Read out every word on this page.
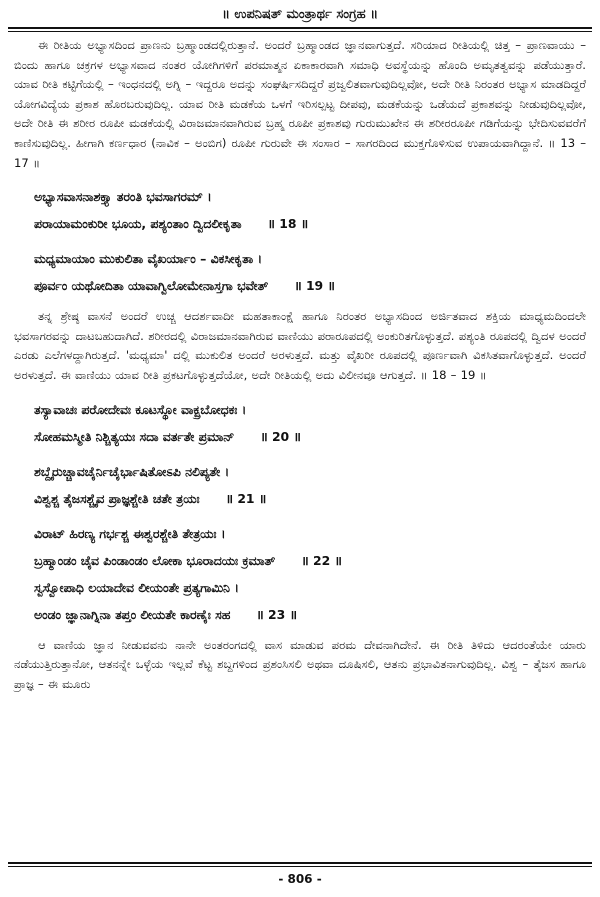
॥ ಉಪನಿಷತ್ ಮಂತ್ರಾರ್ಥ ಸಂಗ್ರಹ ॥

ಈ ರೀತಿಯ ಅಭ್ಯಾಸದಿಂದ ಪ್ರಾಣನು ಬ್ರಹ್ಮಾಂಡದಲ್ಲಿರುತ್ತಾನೆ. ಅಂದರೆ ಬ್ರಹ್ಮಾಂಡದ ಜ್ಞಾನವಾಗುತ್ತದೆ. ಸರಿಯಾದ ರೀತಿಯಲ್ಲಿ ಚಿತ್ತ – ಪ್ರಾಣವಾಯು – ಬಿಂದು ಹಾಗೂ ಚಕ್ರಗಳ ಅಭ್ಯಾಸವಾದ ನಂತರ ಯೋಗಿಗಳಿಗೆ ಪರಮಾತ್ಮನ ಏಕಾಕಾರವಾಗಿ ಸಮಾಧಿ ಅವಸ್ಥೆಯನ್ನು ಹೊಂದಿ ಅಮೃತತ್ವವನ್ನು ಪಡೆಯುತ್ತಾರೆ. ಯಾವ ರೀತಿ ಕಟ್ಟಿಗೆಯಲ್ಲಿ – ಇಂಧನದಲ್ಲಿ ಅಗ್ನಿ – ಇದ್ದರೂ ಅದನ್ನು ಸಂಘರ್ಷಿಸದಿದ್ದರೆ ಪ್ರಜ್ವಲಿತವಾಗುವುದಿಲ್ಲವೋ, ಅದೇ ರೀತಿ ನಿರಂತರ ಅಭ್ಯಾಸ ಮಾಡದಿದ್ದರೆ ಯೋಗವಿದ್ಯೆಯ ಪ್ರಕಾಶ ಹೊರಬರುವುದಿಲ್ಲ. ಯಾವ ರೀತಿ ಮಡಕೆಯ ಒಳಗೆ ಇರಿಸಲ್ಪಟ್ಟ ದೀಪವು, ಮಡಕೆಯನ್ನು ಒಡೆಯದೆ ಪ್ರಕಾಶವನ್ನು ನೀಡುವುದಿಲ್ಲವೋ, ಅದೇ ರೀತಿ ಈ ಶರೀರ ರೂಪೀ ಮಡಕೆಯಲ್ಲಿ ವಿರಾಜಮಾನವಾಗಿರುವ ಬ್ರಹ್ಮ ರೂಪೀ ಪ್ರಕಾಶವು ಗುರುಮುಖೇನ ಈ ಶರೀರರೂಪೀ ಗಡಿಗೆಯನ್ನು ಭೇದಿಸುವವರೆಗೆ ಕಾಣಿಸುವುದಿಲ್ಲ. ಹೀಗಾಗಿ ಕರ್ಣಧಾರ (ನಾವಿಕ – ಅಂಬಿಗ) ರೂಪೀ ಗುರುವೇ ಈ ಸಂಸಾರ – ಸಾಗರದಿಂದ ಮುಕ್ತಗೊಳಿಸುವ ಉಪಾಯವಾಗಿದ್ದಾನೆ. ॥ 13 – 17 ॥

ಅಭ್ಯಾಸವಾಸನಾಶಕ್ತ್ಯಾ ತರಂತಿ ಭವಸಾಗರಮ್ ।
ಪರಾಯಾಮಂಕುರೀ ಭೂಯ, ಪಶ್ಯಂತಾಂ ದ್ವಿದಲೀಕೃತಾ ॥ 18 ॥
ಮಧ್ಯಮಾಯಾಂ ಮುಕುಲಿತಾ ವೈಖರ್ಯಾಂ – ವಿಕಸೀಕೃತಾ ।
ಪೂರ್ವಂ ಯಥೋದಿತಾ ಯಾವಾಗ್ವಿಲೋಮೇನಾಸ್ತಗಾ ಭವೇತ್ ॥ 19 ॥

ತನ್ನ ಶ್ರೇಷ್ಠ ವಾಸನೆ ಅಂದರೆ ಉಚ್ಚ ಆದರ್ಶವಾದೀ ಮಹತಾಕಾಂಕ್ಷೆ ಹಾಗೂ ನಿರಂತರ ಅಭ್ಯಾಸದಿಂದ ಅರ್ಜಿತವಾದ ಶಕ್ತಿಯ ಮಾಧ್ಯಮದಿಂದಲೇ ಭವಸಾಗರವನ್ನು ದಾಟಬಹುದಾಗಿದೆ. ಶರೀರದಲ್ಲಿ ವಿರಾಜಮಾನವಾಗಿರುವ ವಾಣಿಯು ಪರಾರೂಪದಲ್ಲಿ ಅಂಕುರಿತಗೊಳ್ಳುತ್ತದೆ. ಪಶ್ಯಂತಿ ರೂಪದಲ್ಲಿ ದ್ವಿದಳ ಅಂದರೆ ಎರಡು ಎಲೆಗಳದ್ದಾಗಿರುತ್ತದೆ. 'ಮಧ್ಯಮಾ' ದಲ್ಲಿ ಮುಕುಲಿತ ಅಂದರೆ ಅರಳುತ್ತದೆ. ಮತ್ತು ವೈಖರೀ ರೂಪದಲ್ಲಿ ಪೂರ್ಣವಾಗಿ ವಿಕಸಿತವಾಗೊಳ್ಳುತ್ತದೆ. ಅಂದರೆ ಅರಳುತ್ತದೆ. ಈ ವಾಣಿಯು ಯಾವ ರೀತಿ ಪ್ರಕಟಗೊಳ್ಳುತ್ತದೆಯೋ, ಅದೇ ರೀತಿಯಲ್ಲಿ ಅದು ವಿಲೀನವೂ ಆಗುತ್ತದೆ. ॥ 18 – 19 ॥

ತಸ್ಯಾವಾಚಃ ಪರೋದೇವಃ ಕೂಟಸ್ಥೋ ವಾಕ್ಪ್ರಬೋಧಕಃ ।
ಸೋಹಮಸ್ಮೀತಿ ನಿಶ್ಚಿತ್ಯಯಃ ಸದಾ ವರ್ತತೇ ಪ್ರಮಾನ್ ॥ 20 ॥
ಶಬ್ದೈರುಚ್ಚಾವಚೈರ್ನಿಚೈರ್ಭಾಷಿತೋಽಪಿ ನಲಿಪ್ಯತೇ ।
ವಿಶ್ವಶ್ಚ ತೈಜಸಶ್ಚೈವ ಪ್ರಾಜ್ಞಶ್ಚೇತಿ ಚತೇ ತ್ರಯಃ ॥ 21 ॥
ವಿರಾಟ್ ಹಿರಣ್ಯ ಗರ್ಭಶ್ಚ ಈಶ್ವರಶ್ಚೇತಿ ತೇತ್ರಯಃ ।
ಬ್ರಹ್ಮಾಂಡಂ ಚೈವ ಪಿಂಡಾಂಡಂ ಲೋಕಾ ಭೂರಾದಯಃ ಕ್ರಮಾತ್ ॥ 22 ॥
ಸ್ವಸ್ವೋಪಾಧಿ ಲಯಾದೇವ ಲೀಯಂತೇ ಪ್ರತ್ಯಗಾಮಿನಿ ।
ಅಂಡಂ ಜ್ಞಾನಾಗ್ನಿನಾ ತಪ್ತಂ ಲೀಯತೇ ಕಾರಣೈಃ ಸಹ ॥ 23 ॥

ಆ ವಾಣಿಯ ಜ್ಞಾನ ನೀಡುವವನು ನಾನೇ ಅಂತರಂಗದಲ್ಲಿ ವಾಸ ಮಾಡುವ ಪರಮ ದೇವನಾಗಿದೇನೆ. ಈ ರೀತಿ ತಿಳಿದು ಆದರಂತೆಯೇ ಯಾರು ನಡೆಯುತ್ತಿರುತ್ತಾನೋ, ಆತನನ್ನೇ ಒಳ್ಳೆಯ ಇಲ್ಲವೆ ಕೆಟ್ಟ ಶಬ್ದಗಳಿಂದ ಪ್ರಶಂಸಿಸಲಿ ಅಥವಾ ದೂಷಿಸಲಿ, ಆತನು ಪ್ರಭಾವಿತನಾಗುವುದಿಲ್ಲ. ವಿಶ್ವ – ತೈಜಸ ಹಾಗೂ ಪ್ರಾಜ್ಞ – ಈ ಮೂರು

- 806 -
